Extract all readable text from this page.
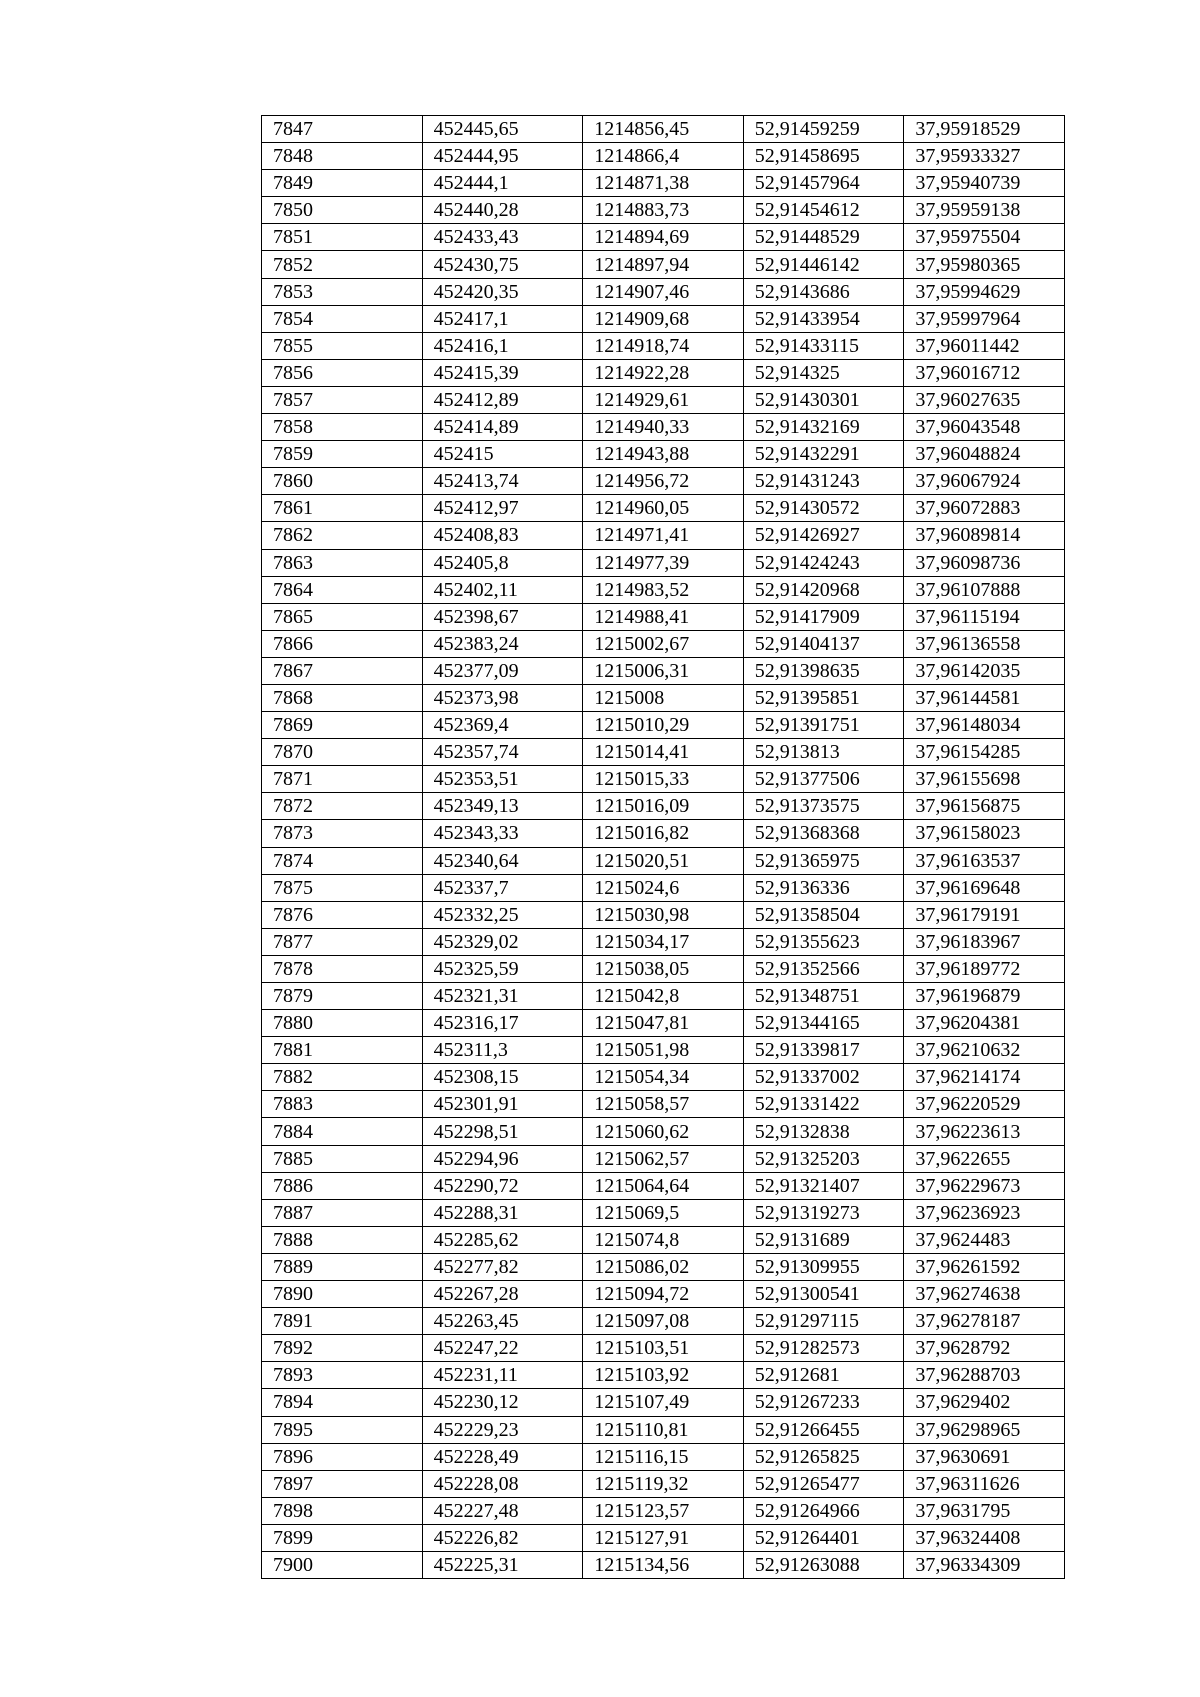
7847	452445,65	1214856,45	52,91459259	37,95918529
7848	452444,95	1214866,4	52,91458695	37,95933327
7849	452444,1	1214871,38	52,91457964	37,95940739
7850	452440,28	1214883,73	52,91454612	37,95959138
7851	452433,43	1214894,69	52,91448529	37,95975504
7852	452430,75	1214897,94	52,91446142	37,95980365
7853	452420,35	1214907,46	52,9143686	37,95994629
7854	452417,1	1214909,68	52,91433954	37,95997964
7855	452416,1	1214918,74	52,91433115	37,96011442
7856	452415,39	1214922,28	52,914325	37,96016712
7857	452412,89	1214929,61	52,91430301	37,96027635
7858	452414,89	1214940,33	52,91432169	37,96043548
7859	452415	1214943,88	52,91432291	37,96048824
7860	452413,74	1214956,72	52,91431243	37,96067924
7861	452412,97	1214960,05	52,91430572	37,96072883
7862	452408,83	1214971,41	52,91426927	37,96089814
7863	452405,8	1214977,39	52,91424243	37,96098736
7864	452402,11	1214983,52	52,91420968	37,96107888
7865	452398,67	1214988,41	52,91417909	37,96115194
7866	452383,24	1215002,67	52,91404137	37,96136558
7867	452377,09	1215006,31	52,91398635	37,96142035
7868	452373,98	1215008	52,91395851	37,96144581
7869	452369,4	1215010,29	52,91391751	37,96148034
7870	452357,74	1215014,41	52,913813	37,96154285
7871	452353,51	1215015,33	52,91377506	37,96155698
7872	452349,13	1215016,09	52,91373575	37,96156875
7873	452343,33	1215016,82	52,91368368	37,96158023
7874	452340,64	1215020,51	52,91365975	37,96163537
7875	452337,7	1215024,6	52,9136336	37,96169648
7876	452332,25	1215030,98	52,91358504	37,96179191
7877	452329,02	1215034,17	52,91355623	37,96183967
7878	452325,59	1215038,05	52,91352566	37,96189772
7879	452321,31	1215042,8	52,91348751	37,96196879
7880	452316,17	1215047,81	52,91344165	37,96204381
7881	452311,3	1215051,98	52,91339817	37,96210632
7882	452308,15	1215054,34	52,91337002	37,96214174
7883	452301,91	1215058,57	52,91331422	37,96220529
7884	452298,51	1215060,62	52,9132838	37,96223613
7885	452294,96	1215062,57	52,91325203	37,9622655
7886	452290,72	1215064,64	52,91321407	37,96229673
7887	452288,31	1215069,5	52,91319273	37,96236923
7888	452285,62	1215074,8	52,9131689	37,9624483
7889	452277,82	1215086,02	52,91309955	37,96261592
7890	452267,28	1215094,72	52,91300541	37,96274638
7891	452263,45	1215097,08	52,91297115	37,96278187
7892	452247,22	1215103,51	52,91282573	37,9628792
7893	452231,11	1215103,92	52,912681	37,96288703
7894	452230,12	1215107,49	52,91267233	37,9629402
7895	452229,23	1215110,81	52,91266455	37,96298965
7896	452228,49	1215116,15	52,91265825	37,9630691
7897	452228,08	1215119,32	52,91265477	37,96311626
7898	452227,48	1215123,57	52,91264966	37,9631795
7899	452226,82	1215127,91	52,91264401	37,96324408
7900	452225,31	1215134,56	52,91263088	37,96334309
